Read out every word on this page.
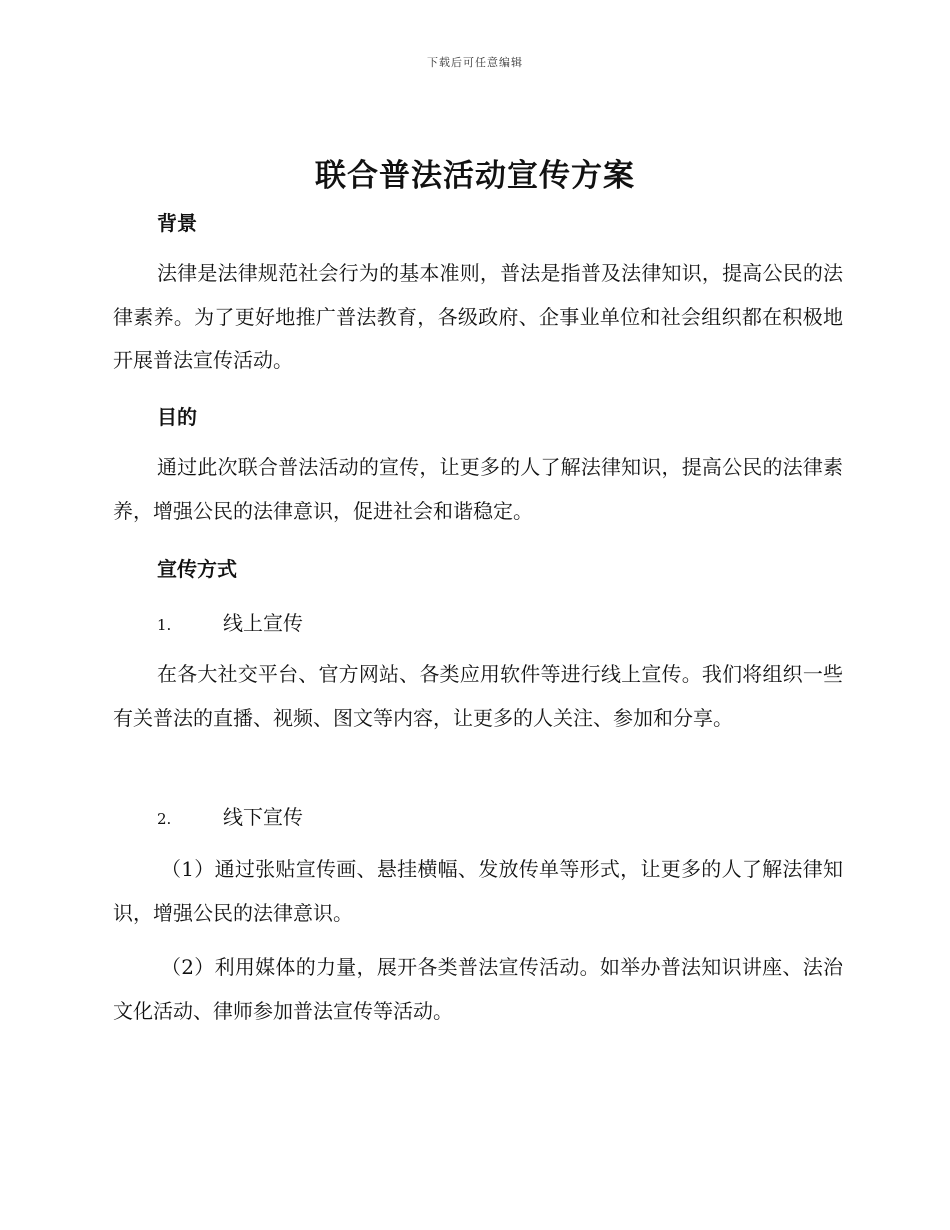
下载后可任意编辑
联合普法活动宣传方案
背景

法律是法律规范社会行为的基本准则，普法是指普及法律知识，提高公民的法律素养。为了更好地推广普法教育，各级政府、企事业单位和社会组织都在积极地开展普法宣传活动。

目的

通过此次联合普法活动的宣传，让更多的人了解法律知识，提高公民的法律素养，增强公民的法律意识，促进社会和谐稳定。

宣传方式
1.	线上宣传

在各大社交平台、官方网站、各类应用软件等进行线上宣传。我们将组织一些有关普法的直播、视频、图文等内容，让更多的人关注、参加和分享。

2.	线下宣传

（1）通过张贴宣传画、悬挂横幅、发放传单等形式，让更多的人了解法律知识，增强公民的法律意识。

（2）利用媒体的力量，展开各类普法宣传活动。如举办普法知识讲座、法治文化活动、律师参加普法宣传等活动。
